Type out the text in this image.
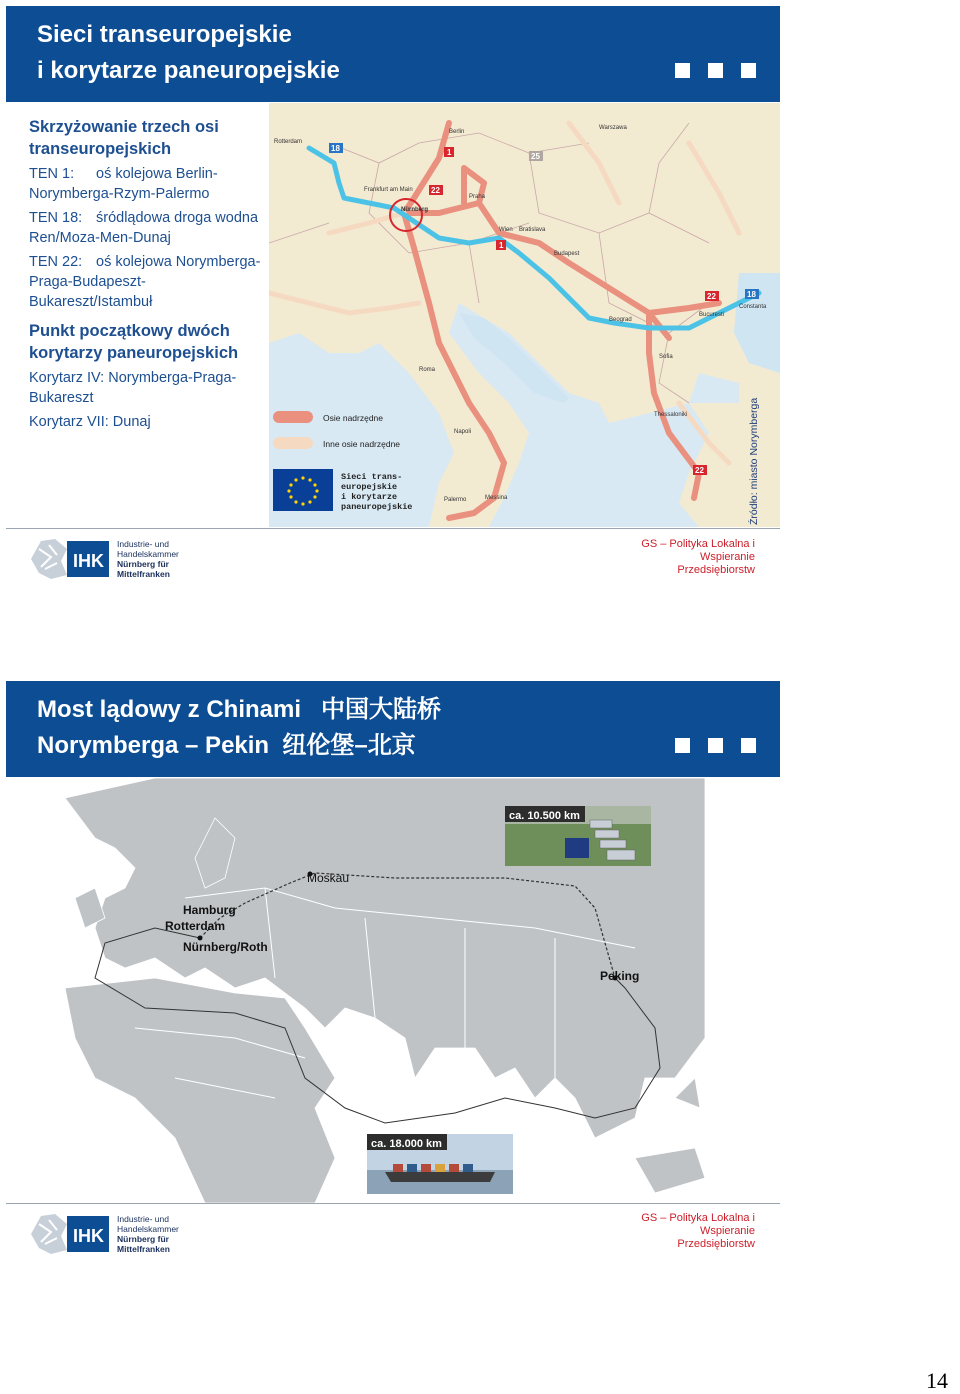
Sieci transeuropejskie
i korytarze paneuropejskie
Skrzyżowanie trzech osi transeuropejskich
TEN 1: oś kolejowa Berlin-Norymberga-Rzym-Palermo
TEN 18: śródlądowa droga wodna Ren/Moza-Men-Dunaj
TEN 22: oś kolejowa Norymberga-Praga-Budapeszt-Bukareszt/Istambuł
Punkt początkowy dwóch korytarzy paneuropejskich
Korytarz IV: Norymberga-Praga-Bukareszt
Korytarz VII: Dunaj
18	1
22
25
1
22	18
22
Warszawa
Berlin
Praha
Wien Bratislava
Budapest
Bucuresti
Beograd
Sofia
Napoli
Roma
Palermo	Messina
Thessaloniki
Nürnberg
Frankfurt am Main
Rotterdam
Constanta
Osie nadrzędne
Inne osie nadrzędne
Sieci trans-
europejskie
i korytarze
paneuropejskie	Źródło: miasto Norymberga
IHK
Industrie- und Handelskammer
Nürnberg für Mittelfranken
GS – Polityka Lokalna i
Wspieranie
Przedsiębiorstw
Most lądowy z Chinami   中国大陆桥
Norymberga – Pekin  纽伦堡–北京
Moskau
Hamburg
Rotterdam
Nürnberg/Roth
Peking
ca. 10.500 km
ca. 18.000 km
IHK
Industrie- und Handelskammer
Nürnberg für Mittelfranken
GS – Polityka Lokalna i
Wspieranie
Przedsiębiorstw
14
